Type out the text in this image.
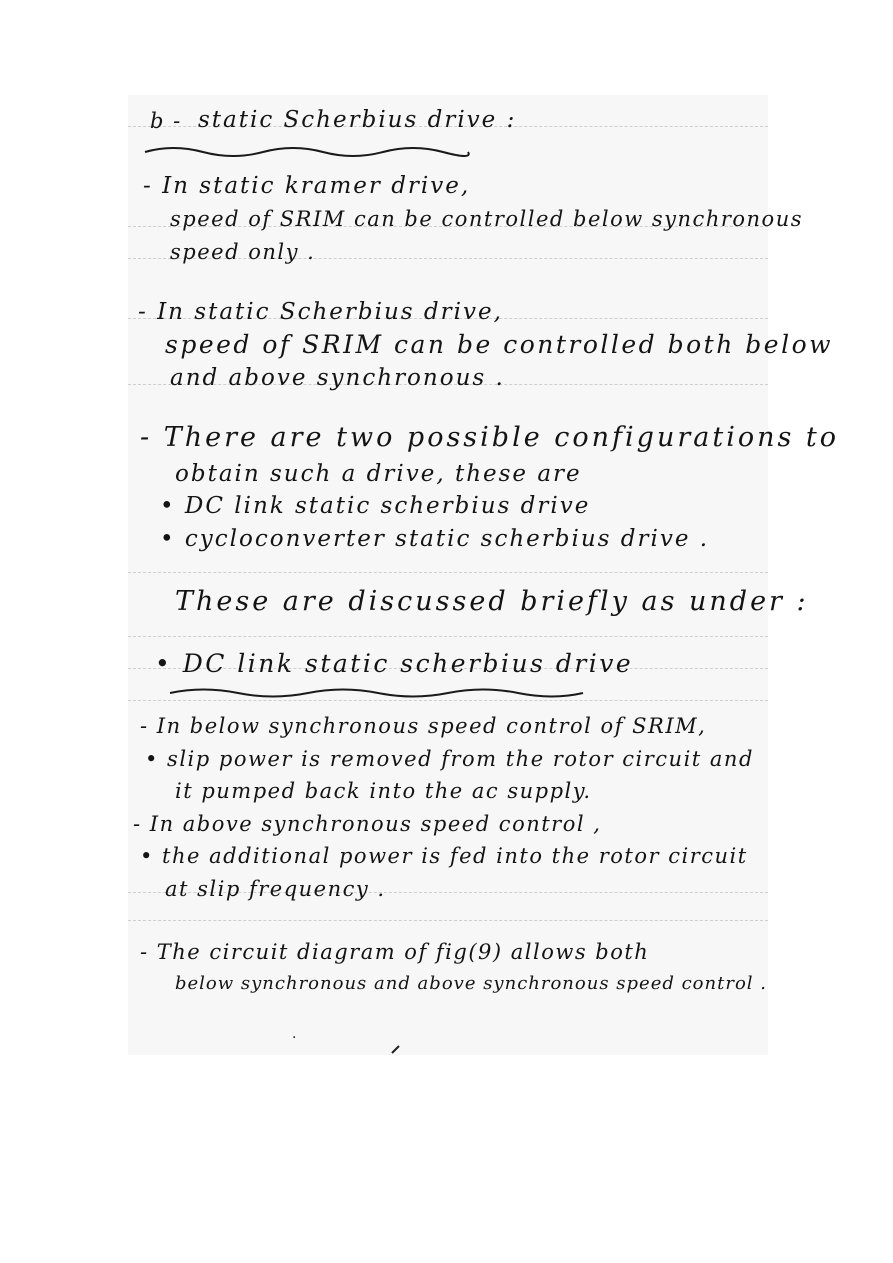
b - static Scherbius drive :
- In static kramer drive,
speed of SRIM can be controlled below synchronous
speed only .
- In static Scherbius drive,
speed of SRIM can be controlled both below
and above synchronous .
- There are two possible configurations to
obtain such a drive, these are
• DC link static scherbius drive
• cycloconverter static scherbius drive .
These are discussed briefly as under :
• DC link static scherbius drive
- In below synchronous speed control of SRIM,
• slip power is removed from the rotor circuit and
it pumped back into the ac supply.
- In above synchronous speed control ,
• the additional power is fed into the rotor circuit
at slip frequency .
- The circuit diagram of fig(9) allows both
below synchronous and above synchronous speed control .
·
